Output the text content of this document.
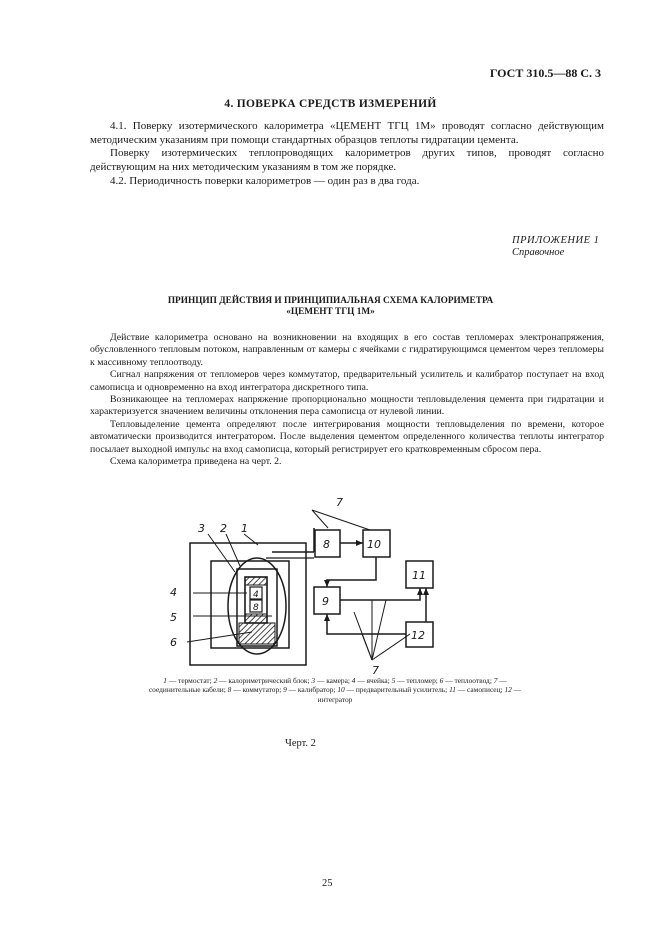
ГОСТ 310.5—88 С. 3
4. ПОВЕРКА СРЕДСТВ ИЗМЕРЕНИЙ

4.1. Поверку изотермического калориметра «ЦЕМЕНТ ТГЦ 1М» проводят согласно действующим методическим указаниям при помощи стандартных образцов теплоты гидратации цемента.

Поверку изотермических теплопроводящих калориметров других типов, проводят согласно действующим на них методическим указаниям в том же порядке.

4.2. Периодичность поверки калориметров — один раз в два года.

ПРИЛОЖЕНИЕ 1
Справочное
ПРИНЦИП ДЕЙСТВИЯ И ПРИНЦИПИАЛЬНАЯ СХЕМА КАЛОРИМЕТРА
«ЦЕМЕНТ ТГЦ 1М»

Действие калориметра основано на возникновении на входящих в его состав тепломерах электронапряжения, обусловленного тепловым потоком, направленным от камеры с ячейками с гидратирующимся цементом через тепломеры к массивному теплоотводу.

Сигнал напряжения от тепломеров через коммутатор, предварительный усилитель и калибратор поступает на вход самописца и одновременно на вход интегратора дискретного типа.

Возникающее на тепломерах напряжение пропорционально мощности тепловыделения цемента при гидратации и характеризуется значением величины отклонения пера самописца от нулевой линии.

Тепловыделение цемента определяют после интегрирования мощности тепловыделения по времени, которое автоматически производится интегратором. После выделения цементом определенного количества теплоты интегратор посылает выходной импульс на вход самописца, который регистрирует его кратковременным сбросом пера.

Схема калориметра приведена на черт. 2.

1
2
3
4
5
6
7
7
8	10
9
11
12
4
8
1 — термостат; 2 — калориметрический блок; 3 — камера; 4 — ячейка; 5 — тепломер; 6 — теплоотвод; 7 — соединительные кабели; 8 — коммутатор; 9 — калибратор; 10 — предварительный усилитель; 11 — самописец; 12 — интегратор
Черт. 2
25
